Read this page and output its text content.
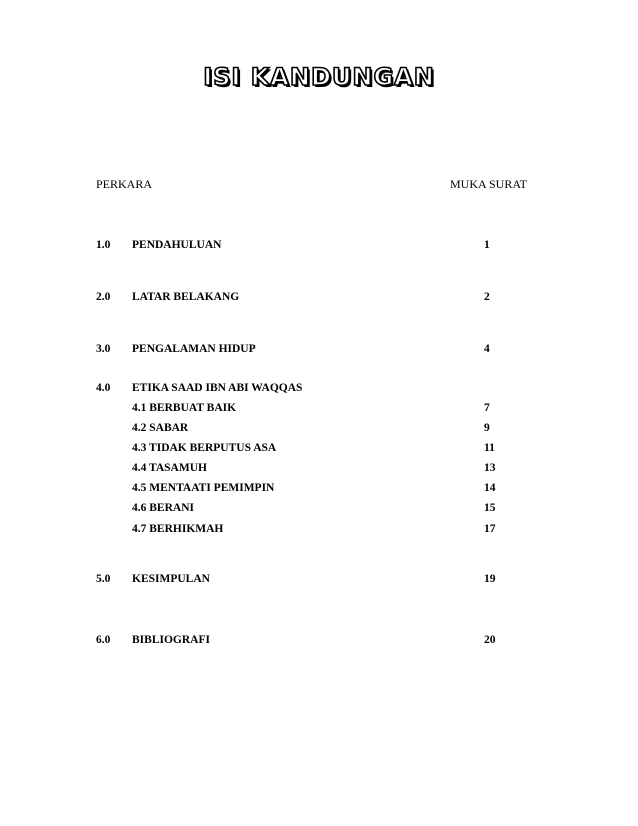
ISI KANDUNGAN
PERKARA	MUKA SURAT
1.0 PENDAHULUAN	1
2.0 LATAR BELAKANG	2
3.0 PENGALAMAN HIDUP	4
4.0 ETIKA SAAD IBN ABI WAQQAS
4.1 BERBUAT BAIK	7
4.2 SABAR	9
4.3 TIDAK BERPUTUS ASA	11
4.4 TASAMUH	13
4.5 MENTAATI PEMIMPIN	14
4.6 BERANI	15
4.7 BERHIKMAH	17
5.0 KESIMPULAN	19
6.0 BIBLIOGRAFI	20
